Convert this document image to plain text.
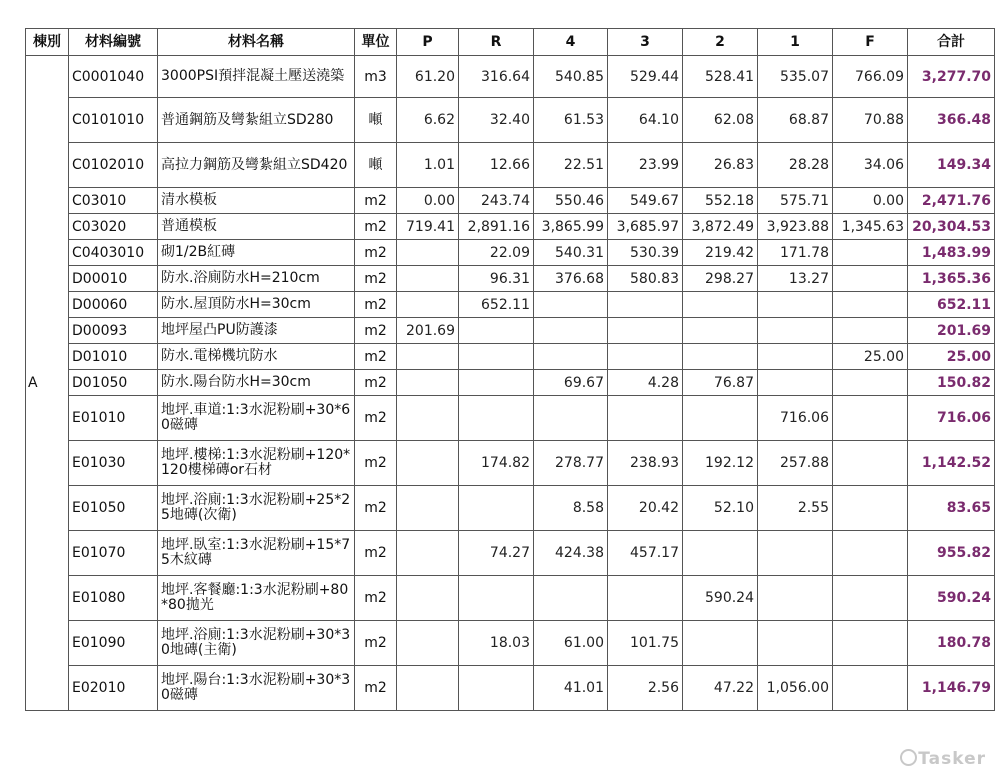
棟別	材料編號	材料名稱	單位	P	R	4	3	2	1	F	合計
A	C0001040	3000PSI預拌混凝土壓送澆築	m3	61.20	316.64	540.85	529.44	528.41	535.07	766.09	3,277.70
	C0101010	普通鋼筋及彎紮組立SD280	噸	6.62	32.40	61.53	64.10	62.08	68.87	70.88	366.48
	C0102010	高拉力鋼筋及彎紮組立SD420	噸	1.01	12.66	22.51	23.99	26.83	28.28	34.06	149.34
	C03010	清水模板	m2	0.00	243.74	550.46	549.67	552.18	575.71	0.00	2,471.76
	C03020	普通模板	m2	719.41	2,891.16	3,865.99	3,685.97	3,872.49	3,923.88	1,345.63	20,304.53
	C0403010	砌1/2B紅磚	m2		22.09	540.31	530.39	219.42	171.78		1,483.99
	D00010	防水.浴廁防水H=210cm	m2		96.31	376.68	580.83	298.27	13.27		1,365.36
	D00060	防水.屋頂防水H=30cm	m2		652.11						652.11
	D00093	地坪屋凸PU防護漆	m2	201.69							201.69
	D01010	防水.電梯機坑防水	m2							25.00	25.00
	D01050	防水.陽台防水H=30cm	m2			69.67	4.28	76.87			150.82
	E01010	地坪.車道:1:3水泥粉刷+30*60磁磚	m2						716.06		716.06
	E01030	地坪.樓梯:1:3水泥粉刷+120*120樓梯磚or石材	m2		174.82	278.77	238.93	192.12	257.88		1,142.52
	E01050	地坪.浴廁:1:3水泥粉刷+25*25地磚(次衛)	m2			8.58	20.42	52.10	2.55		83.65
	E01070	地坪.臥室:1:3水泥粉刷+15*75木紋磚	m2		74.27	424.38	457.17				955.82
	E01080	地坪.客餐廳:1:3水泥粉刷+80*80拋光	m2					590.24			590.24
	E01090	地坪.浴廁:1:3水泥粉刷+30*30地磚(主衛)	m2		18.03	61.00	101.75				180.78
	E02010	地坪.陽台:1:3水泥粉刷+30*30磁磚	m2			41.01	2.56	47.22	1,056.00		1,146.79
Tasker
